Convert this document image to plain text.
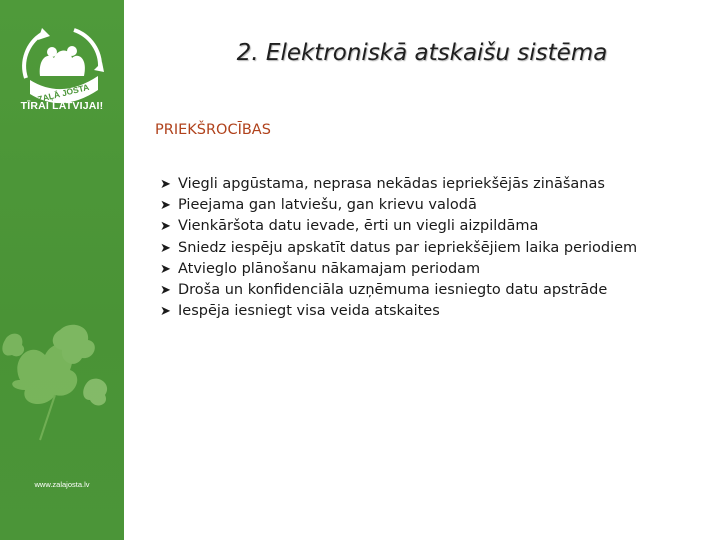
ZAĻĀ JOSTA
TĪRAI LATVIJAI!
www.zalajosta.lv
2. Elektroniskā atskaišu sistēma
PRIEKŠROCĪBAS
➤ Viegli apgūstama, neprasa nekādas iepriekšējās zināšanas
➤ Pieejama gan latviešu, gan krievu valodā
➤ Vienkāršota datu ievade, ērti un viegli aizpildāma
➤ Sniedz iespēju apskatīt datus par iepriekšējiem laika periodiem
➤ Atvieglo plānošanu nākamajam periodam
➤ Droša un konfidenciāla uzņēmuma iesniegto datu apstrāde
➤ Iespēja iesniegt visa veida atskaites
